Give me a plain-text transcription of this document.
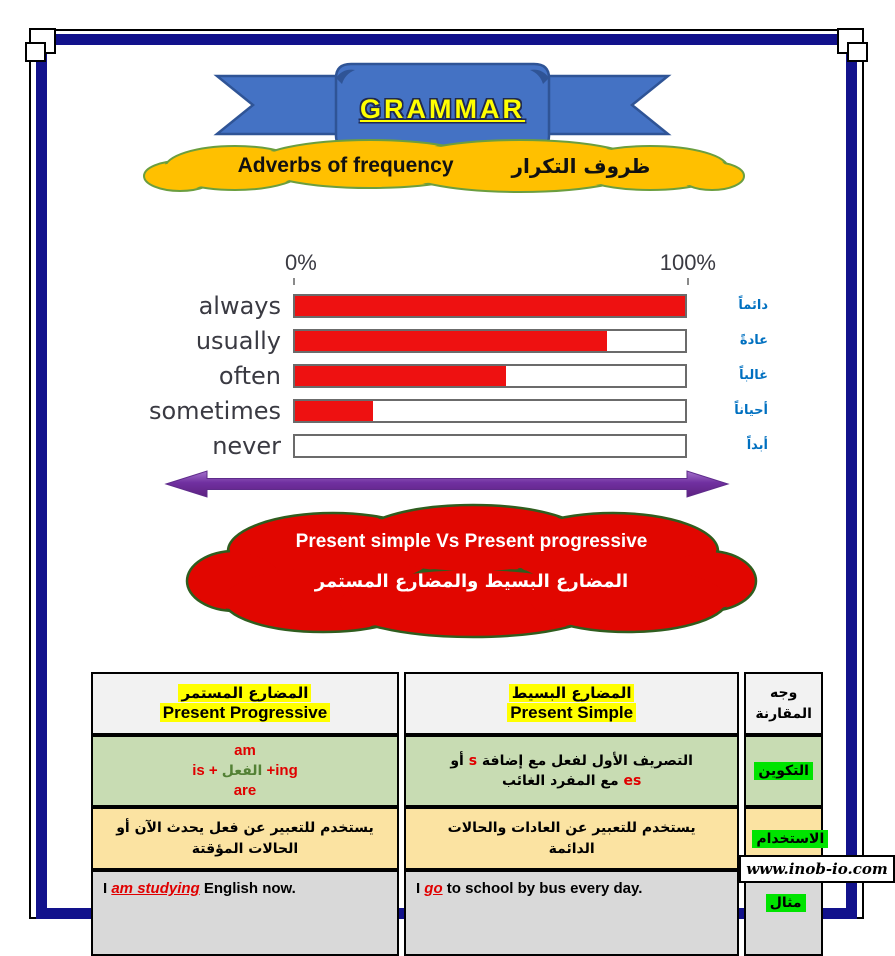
GRAMMAR
Adverbs of frequency	ظروف التكرار
0%	100%
always	دائماً
usually	عادةً
often	غالباً
sometimes	أحياناً
never	أبداً
Present simple Vs Present progressive
المضارع البسيط والمضارع المستمر
المضارع المستمر
Present Progressive

المضارع البسيط
Present Simple

وجه
المقارنة

am
is + الفعل +ing
are	التصريف الأول لفعل مع إضافة s أو es مع المفرد الغائب	التكوين

يستخدم للتعبير عن فعل يحدث الآن أو الحالات المؤقتة	يستخدم للتعبير عن العادات والحالات الدائمة	الاستخدام
I am studying English now.	I go to school by bus every day.	مثال
www.inob-io.com
